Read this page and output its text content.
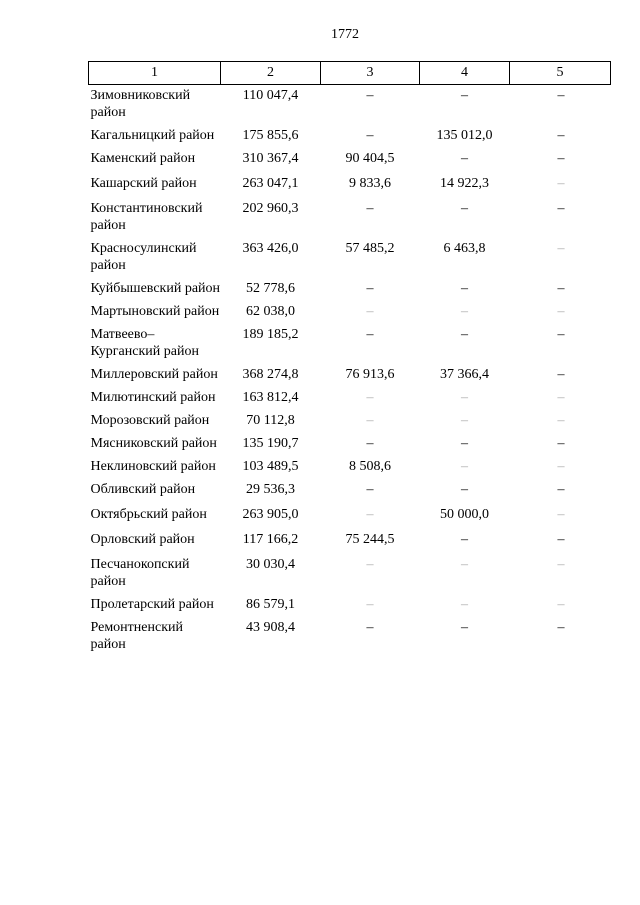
1772
1	2	3	4	5
Зимовниковский район	110 047,4	–	–	–
Кагальницкий район	175 855,6	–	135 012,0	–
Каменский район	310 367,4	90 404,5	–	–
Кашарский район	263 047,1	9 833,6	14 922,3	–
Константиновский район	202 960,3	–	–	–
Красносулинский район	363 426,0	57 485,2	6 463,8	–
Куйбышевский район	52 778,6	–	–	–
Мартыновский район	62 038,0	–	–	–
Матвеево–Курганский район	189 185,2	–	–	–
Миллеровский район	368 274,8	76 913,6	37 366,4	–
Милютинский район	163 812,4	–	–	–
Морозовский район	70 112,8	–	–	–
Мясниковский район	135 190,7	–	–	–
Неклиновский район	103 489,5	8 508,6	–	–
Обливский район	29 536,3	–	–	–
Октябрьский район	263 905,0	–	50 000,0	–
Орловский район	117 166,2	75 244,5	–	–
Песчанокопский район	30 030,4	–	–	–
Пролетарский район	86 579,1	–	–	–
Ремонтненский район	43 908,4	–	–	–
